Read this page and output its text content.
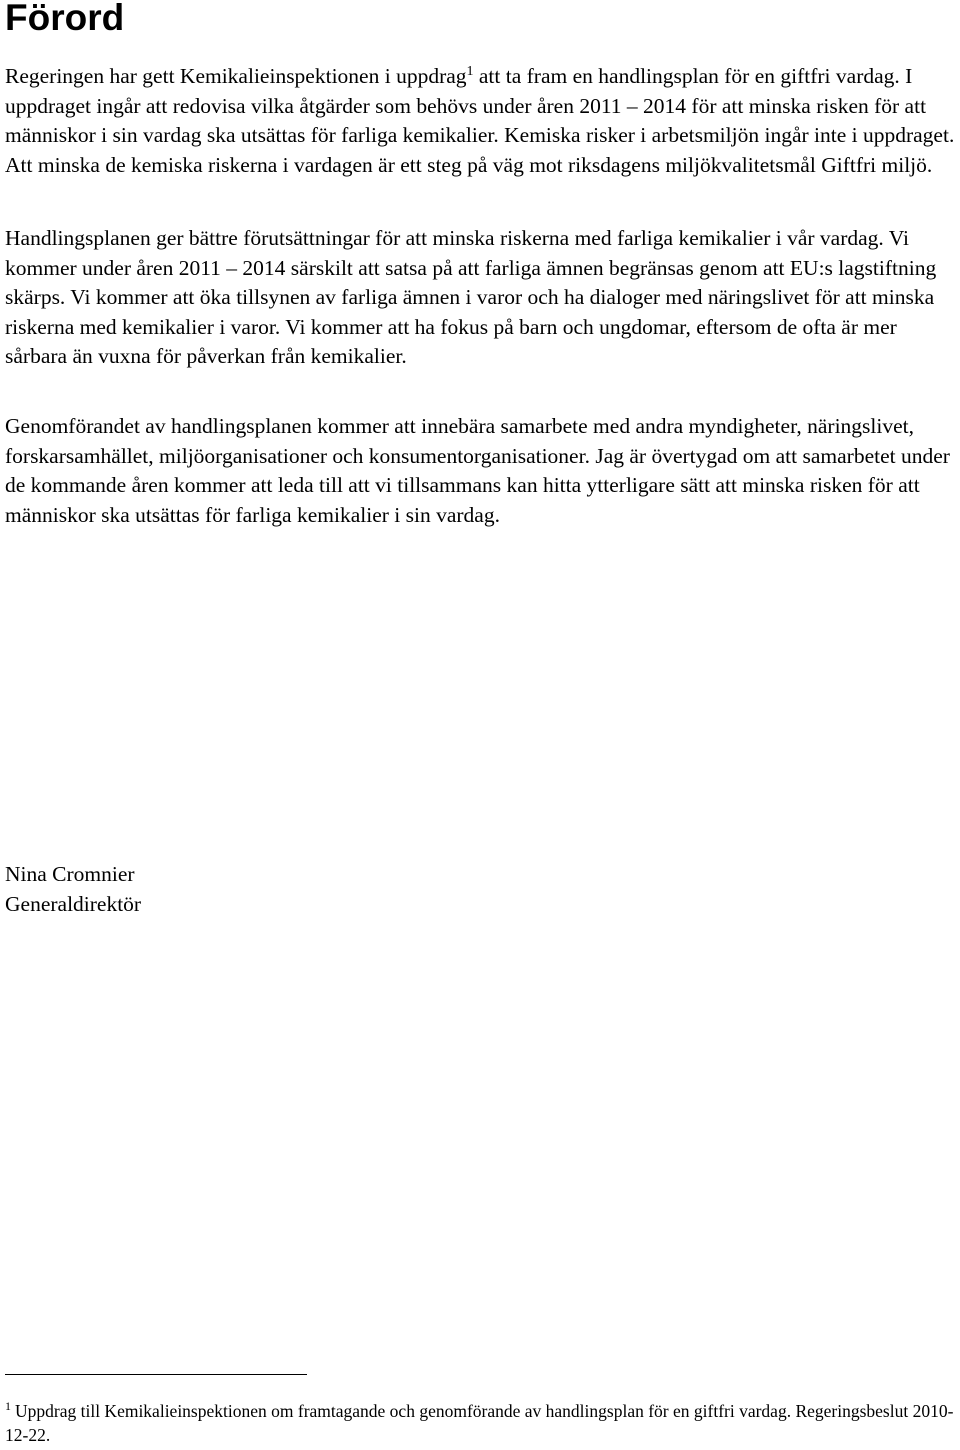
Förord

Regeringen har gett Kemikalieinspektionen i uppdrag$^1$ att ta fram en handlingsplan för en giftfri vardag. I uppdraget ingår att redovisa vilka åtgärder som behövs under åren 2011 – 2014 för att minska risken för att människor i sin vardag ska utsättas för farliga kemikalier. Kemiska risker i arbetsmiljön ingår inte i uppdraget. Att minska de kemiska riskerna i vardagen är ett steg på väg mot riksdagens miljökvalitetsmål Giftfri miljö.

Handlingsplanen ger bättre förutsättningar för att minska riskerna med farliga kemikalier i vår vardag. Vi kommer under åren 2011 – 2014 särskilt att satsa på att farliga ämnen begränsas genom att EU:s lagstiftning skärps. Vi kommer att öka tillsynen av farliga ämnen i varor och ha dialoger med näringslivet för att minska riskerna med kemikalier i varor. Vi kommer att ha fokus på barn och ungdomar, eftersom de ofta är mer sårbara än vuxna för påverkan från kemikalier.

Genomförandet av handlingsplanen kommer att innebära samarbete med andra myndigheter, näringslivet, forskarsamhället, miljöorganisationer och konsumentorganisationer. Jag är övertygad om att samarbetet under de kommande åren kommer att leda till att vi tillsammans kan hitta ytterligare sätt att minska risken för att människor ska utsättas för farliga kemikalier i sin vardag.

Nina Cromnier
Generaldirektör

$^1$ Uppdrag till Kemikalieinspektionen om framtagande och genomförande av handlingsplan för en giftfri vardag. Regeringsbeslut 2010-12-22.
